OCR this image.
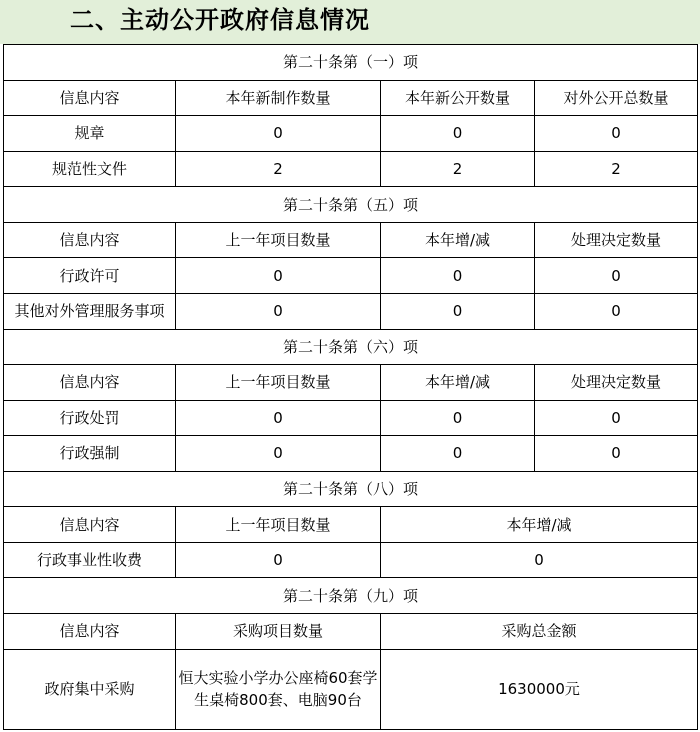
二、主动公开政府信息情况
第二十条第（一）项			
信息内容	本年新制作数量	本年新公开数量	对外公开总数量
规章	0	0	0
规范性文件	2	2	2
第二十条第（五）项			
信息内容	上一年项目数量	本年增/减	处理决定数量
行政许可	0	0	0
其他对外管理服务事项	0	0	0
第二十条第（六）项			
信息内容	上一年项目数量	本年增/减	处理决定数量
行政处罚	0	0	0
行政强制	0	0	0
第二十条第（八）项			
信息内容	上一年项目数量	本年增/减	
行政事业性收费	0	0	
第二十条第（九）项			
信息内容	采购项目数量	采购总金额	
政府集中采购	恒大实验小学办公座椅60套学生桌椅800套、电脑90台	1630000元	
